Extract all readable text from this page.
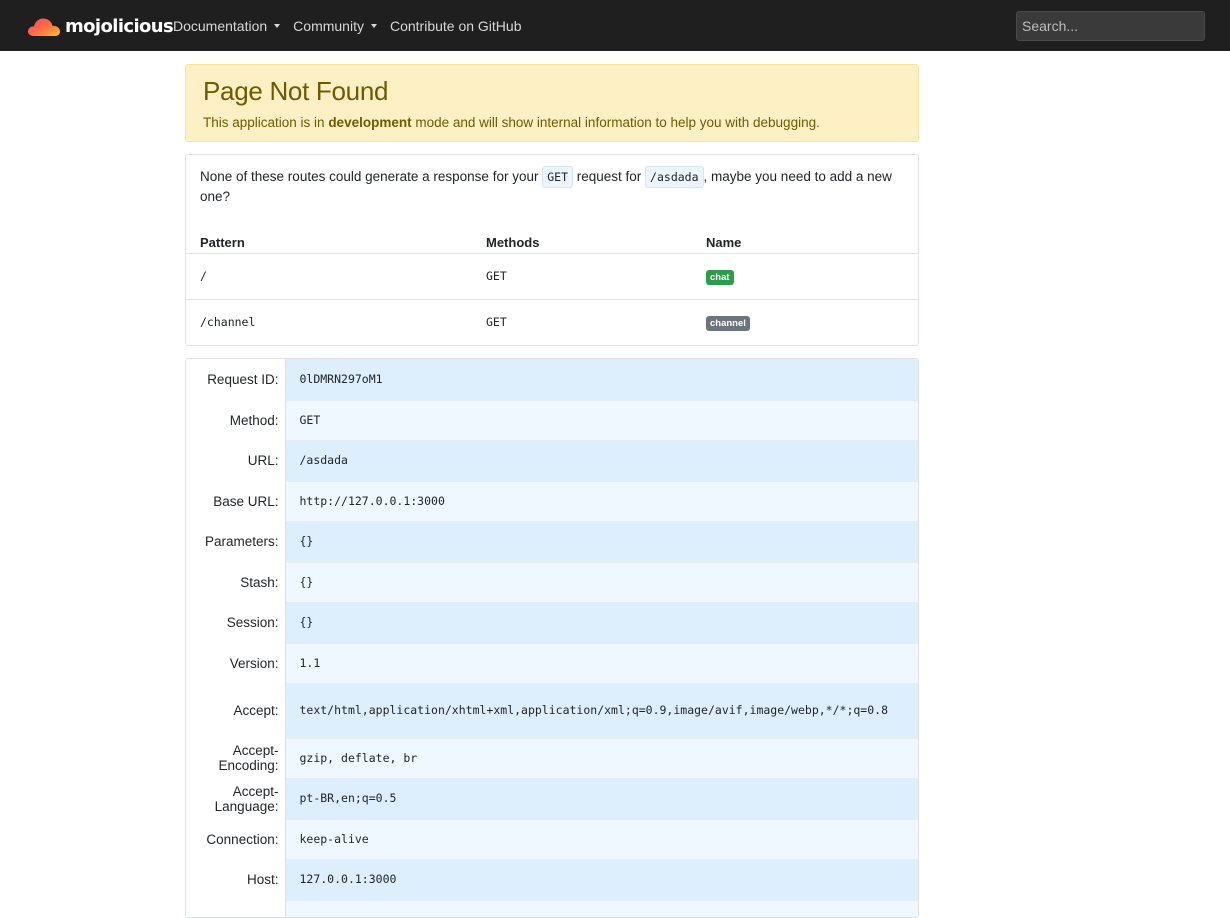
mojolicious Documentation Community Contribute on GitHub
Search...
Page Not Found

This application is in development mode and will show internal information to help you with debugging.

None of these routes could generate a response for your GET request for /asdada , maybe you need to add a new one?
Pattern	Methods	Name
/	GET	chat
/channel	GET	channel
Request ID:	0lDMRN297oM1
Method:	GET
URL:	/asdada
Base URL:	http://127.0.0.1:3000
Parameters:	{}
Stash:	{}
Session:	{}
Version:	1.1
Accept:	text/html,application/xhtml+xml,application/xml;q=0.9,image/avif,image/webp,*/*;q=0.8
Accept-Encoding:	gzip, deflate, br
Accept-Language:	pt-BR,en;q=0.5
Connection:	keep-alive
Host:	127.0.0.1:3000
